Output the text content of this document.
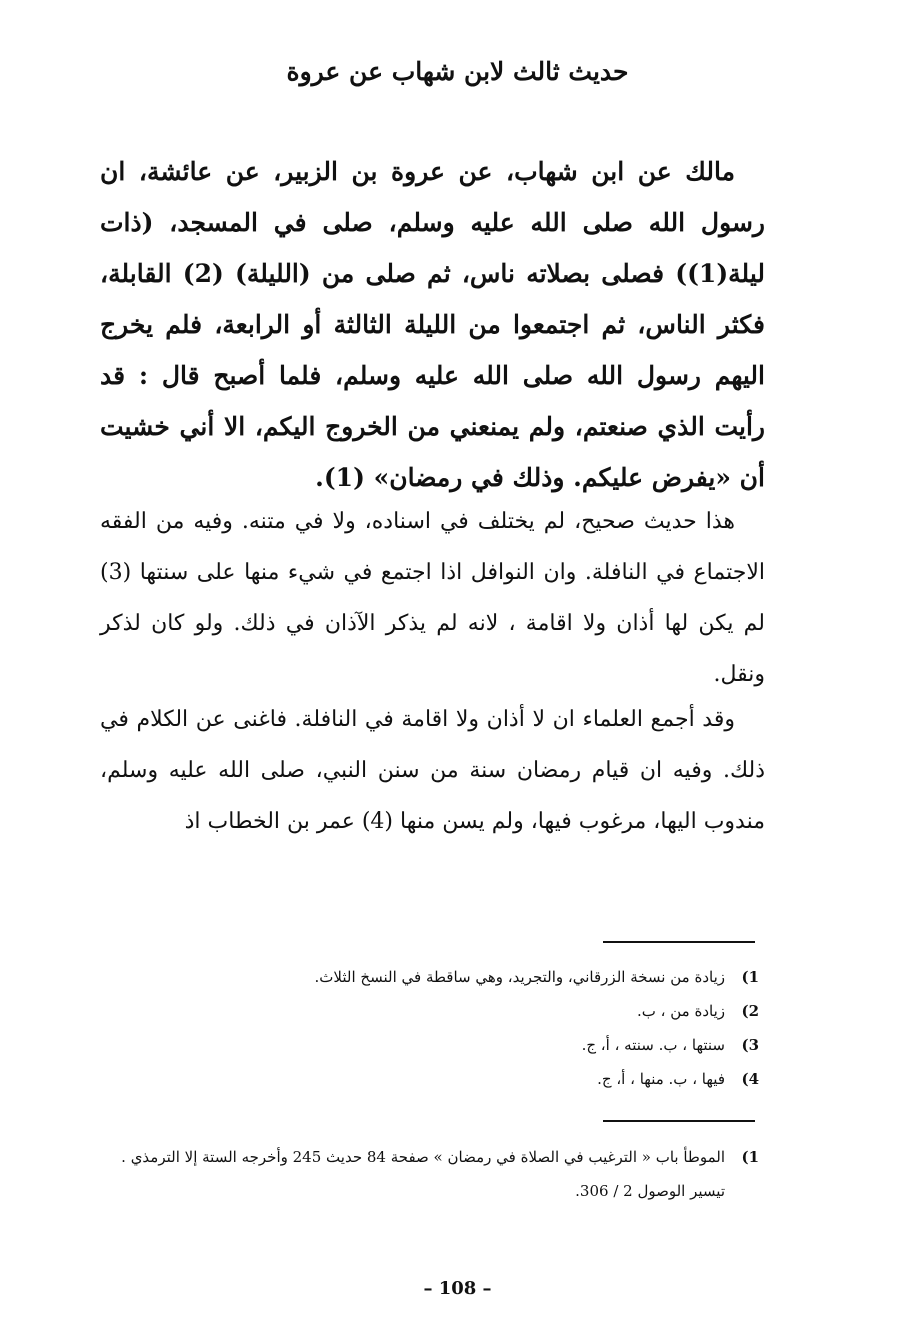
حديث ثالث لابن شهاب عن عروة

مالك عن ابن شهاب، عن عروة بن الزبير، عن عائشة، ان رسول الله صلى الله عليه وسلم، صلى في المسجد، (ذات ليلة(1)) فصلى بصلاته ناس، ثم صلى من (الليلة) (2) القابلة، فكثر الناس، ثم اجتمعوا من الليلة الثالثة أو الرابعة، فلم يخرج اليهم رسول الله صلى الله عليه وسلم، فلما أصبح قال : قد رأيت الذي صنعتم، ولم يمنعني من الخروج اليكم، الا أني خشيت أن «يفرض عليكم. وذلك في رمضان» (1).

هذا حديث صحيح، لم يختلف في اسناده، ولا في متنه. وفيه من الفقه الاجتماع في النافلة. وان النوافل اذا اجتمع في شيء منها على سنتها (3) لم يكن لها أذان ولا اقامة ، لانه لم يذكر الآذان في ذلك. ولو كان لذكر ونقل.

وقد أجمع العلماء ان لا أذان ولا اقامة في النافلة. فاغنى عن الكلام في ذلك. وفيه ان قيام رمضان سنة من سنن النبي، صلى الله عليه وسلم، مندوب اليها، مرغوب فيها، ولم يسن منها (4) عمر بن الخطاب اذ

1)
زيادة من نسخة الزرقاني، والتجريد، وهي ساقطة في النسخ الثلاث.
2)
زيادة من ، ب.
3)
سنتها ، ب. سنته ، أ، ج.
4)
فيها ، ب. منها ، أ، ج.
1)
الموطأ باب « الترغيب في الصلاة في رمضان » صفحة 84 حديث 245 وأخرجه الستة إلا الترمذي . تيسير الوصول 2 / 306.
– 108 –
